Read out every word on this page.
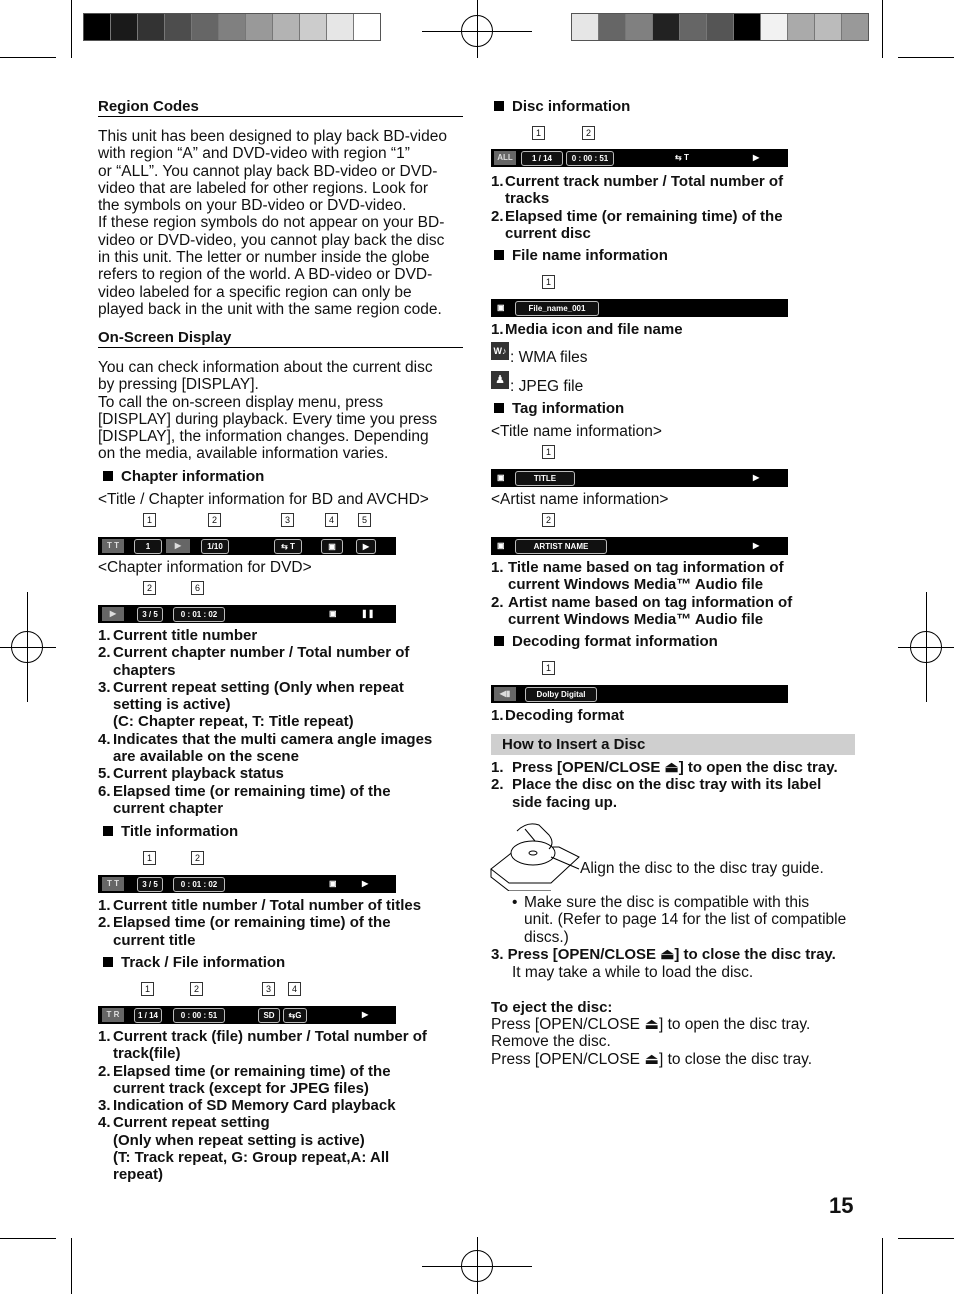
Region Codes
This unit has been designed to play back BD-video
with region “A” and DVD-video with region “1”
or “ALL”. You cannot play back BD-video or DVD-
video that are labeled for other regions. Look for
the symbols on your BD-video or DVD-video.
If these region symbols do not appear on your BD-
video or DVD-video, you cannot play back the disc
in this unit. The letter or number inside the globe
refers to region of the world. A BD-video or DVD-
video labeled for a specific region can only be
played back in the unit with the same region code.
On-Screen Display
You can check information about the current disc
by pressing [DISPLAY].
To call the on-screen display menu, press
[DISPLAY] during playback. Every time you press
[DISPLAY], the information changes. Depending
on the media, available information varies.
Chapter information
<Title / Chapter information for BD and AVCHD>
1	2	3	4	5
T T	1	▶	1/10	⇆ T	▣	▶
<Chapter information for DVD>
2	6
▶	3 / 5	0 : 01 : 02	▣	❚❚
1. Current title number
2. Current chapter number / Total number of
chapters
3. Current repeat setting (Only when repeat
setting is active)
(C: Chapter repeat, T: Title repeat)
4. Indicates that the multi camera angle images
are available on the scene
5. Current playback status
6. Elapsed time (or remaining time) of the
current chapter
Title information
1	2
T T	3 / 5	0 : 01 : 02	▣	▶
1. Current title number / Total number of titles
2. Elapsed time (or remaining time) of the
current title
Track / File information
1	2	3	4
T R	1 / 14	0 : 00 : 51	SD	⇆G	▶
1. Current track (file) number / Total number of
track(file)
2. Elapsed time (or remaining time) of the
current track (except for JPEG files)
3. Indication of SD Memory Card playback
4. Current repeat setting
(Only when repeat setting is active)
(T: Track repeat, G: Group repeat,A: All
repeat)
Disc information
1	2
ALL	1 / 14	0 : 00 : 51	⇆ T	▶
1. Current track number / Total number of
tracks
2. Elapsed time (or remaining time) of the
current disc
File name information
1
▣	File_name_001
1. Media icon and file name
W♪ : WMA files
♟ : JPEG file
Tag information
<Title name information>
1
▣	TITLE	▶
<Artist name information>
2
▣	ARTIST NAME	▶
1. Title name based on tag information of
current Windows Media™ Audio file
2. Artist name based on tag information of
current Windows Media™ Audio file
Decoding format information
1
◀▮	Dolby Digital
1. Decoding format
How to Insert a Disc
1. Press [OPEN/CLOSE ⏏] to open the disc tray.
2. Place the disc on the disc tray with its label
side facing up.
Align the disc to the disc tray guide.
• Make sure the disc is compatible with this
unit. (Refer to page 14 for the list of compatible
discs.)
3. Press [OPEN/CLOSE ⏏] to close the disc tray.
It may take a while to load the disc.
To eject the disc:
Press [OPEN/CLOSE ⏏] to open the disc tray.
Remove the disc.
Press [OPEN/CLOSE ⏏] to close the disc tray.
15
